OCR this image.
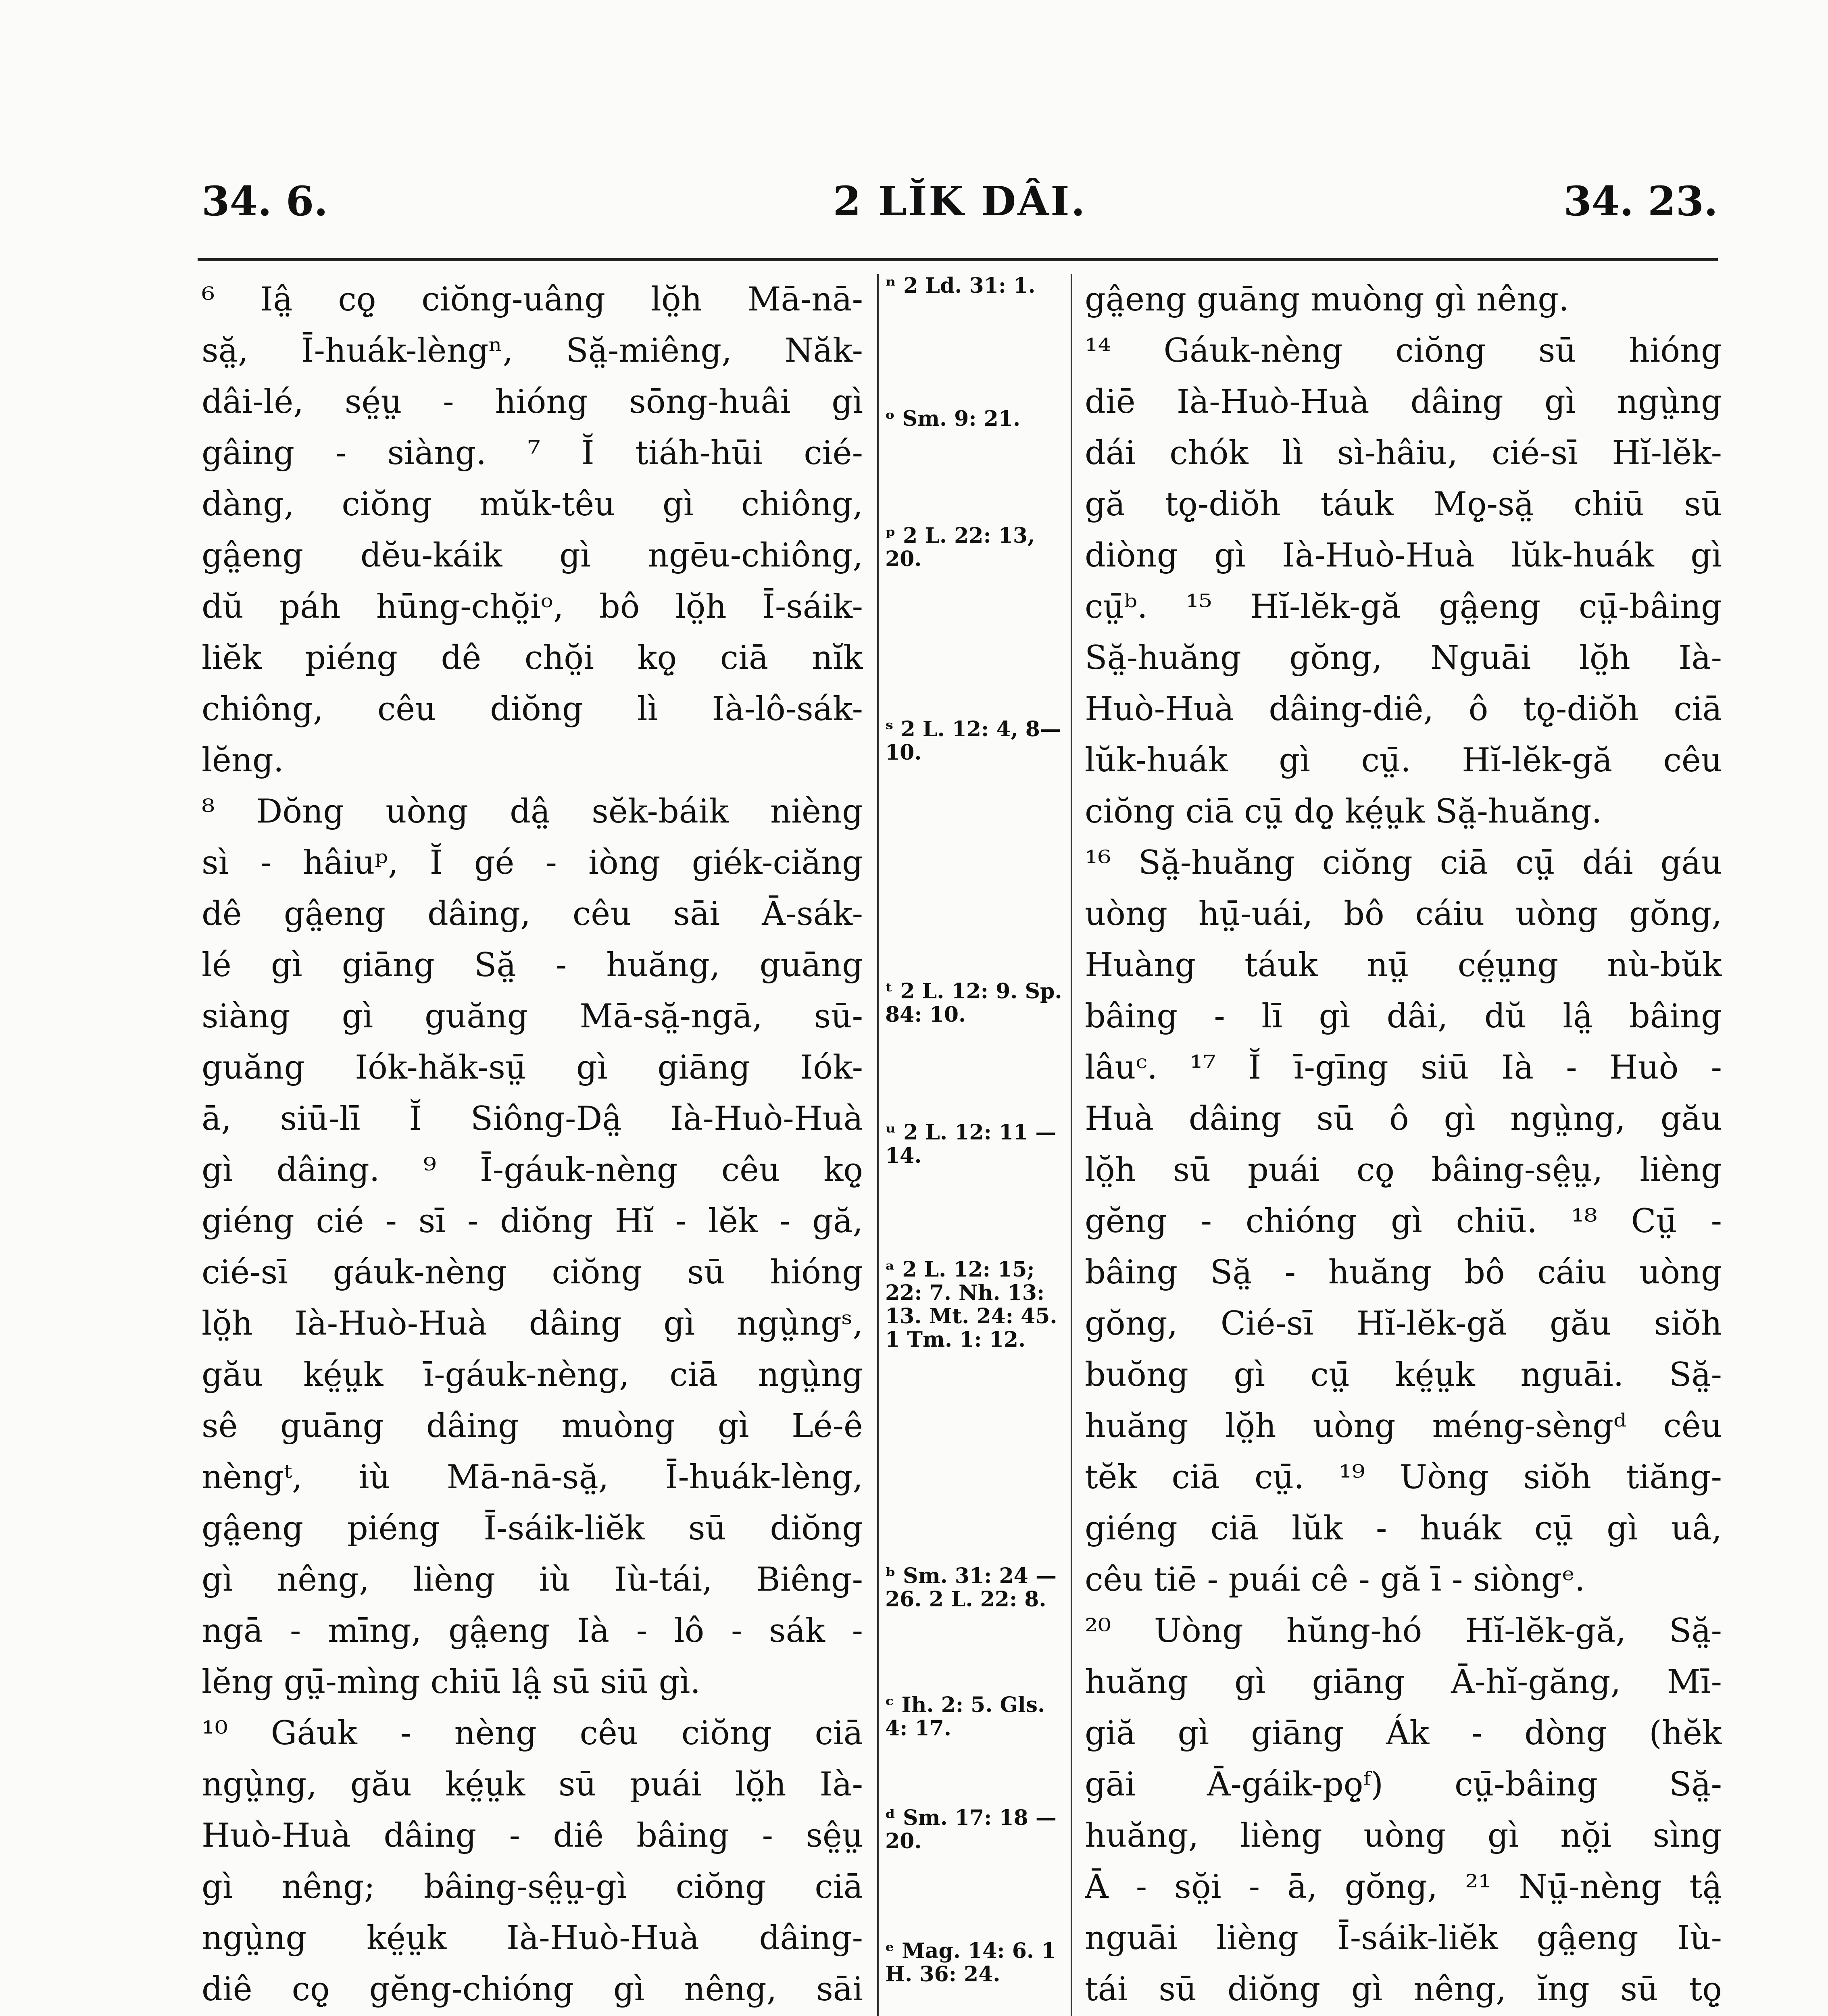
34. 6.	2 LĬK DÂI.	34. 23.
⁶ Iâ̤ cǫ̤ ciŏng-uâng lŏ̤h Mā-nā-
să̤, Ī-huák-lèngⁿ, Să̤-miêng, Năk-
dâi-lé, sé̤ṳ - hióng sōng-huâi gì
gâing - siàng. ⁷ Ĭ tiáh-hūi cié-
dàng, ciŏng mŭk-têu gì chiông,
gâ̤eng dĕu-káik gì ngēu-chiông,
dŭ páh hūng-chŏ̤iᵒ, bô lŏ̤h Ī-sáik-
liĕk piéng dê chŏ̤i kǫ̤ ciā nĭk
chiông, cêu diŏng lì Ià-lô-sák-
lĕng.
⁸ Dŏng uòng dâ̤ sĕk-báik nièng
sì - hâiuᵖ, Ĭ gé - iòng giék-ciăng
dê gâ̤eng dâing, cêu sāi Ā-sák-
lé gì giāng Să̤ - huăng, guāng
siàng gì guăng Mā-să̤-ngā, sū-
guăng Iók-hăk-sṳ̄ gì giāng Iók-
ā, siū-lī Ĭ Siông-Dâ̤ Ià-Huò-Huà
gì dâing. ⁹ Ī-gáuk-nèng cêu kǫ̤
giéng cié - sī - diŏng Hĭ - lĕk - gă,
cié-sī gáuk-nèng ciŏng sū hióng
lŏ̤h Ià-Huò-Huà dâing gì ngṳ̀ngˢ,
gău ké̤ṳk ī-gáuk-nèng, ciā ngṳ̀ng
sê guāng dâing muòng gì Lé-ê
nèngᵗ, iù Mā-nā-să̤, Ī-huák-lèng,
gâ̤eng piéng Ī-sáik-liĕk sū diŏng
gì nêng, lièng iù Iù-tái, Biêng-
ngā - mīng, gâ̤eng Ià - lô - sák -
lĕng gṳ̄-mìng chiū lâ̤ sū siū gì.
¹⁰ Gáuk - nèng cêu ciŏng ciā
ngṳ̀ng, gău ké̤ṳk sū puái lŏ̤h Ià-
Huò-Huà dâing - diê bâing - sê̤ṳ
gì nêng; bâing-sê̤ṳ-gì ciŏng ciā
ngṳ̀ng ké̤ṳk Ià-Huò-Huà dâing-
diê cǫ̤ gĕng-chióng gì nêng, sāi
ⁿ 2 Ld. 31: 1.
ᵒ Sm. 9: 21.
ᵖ 2 L. 22: 13, 20.
ˢ 2 L. 12: 4, 8—10.
ᵗ 2 L. 12: 9. Sp. 84: 10.
ᵘ 2 L. 12: 11 —14.
ᵃ 2 L. 12: 15; 22: 7. Nh. 13: 13. Mt. 24: 45. 1 Tm. 1: 12.
ᵇ Sm. 31: 24 —26. 2 L. 22: 8.
ᶜ Ih. 2: 5. Gls. 4: 17.
ᵈ Sm. 17: 18 —20.
ᵉ Mag. 14: 6. 1 H. 36: 24.
gâ̤eng guāng muòng gì nêng.
¹⁴ Gáuk-nèng ciŏng sū hióng
diē Ià-Huò-Huà dâing gì ngṳ̀ng
dái chók lì sì-hâiu, cié-sī Hĭ-lĕk-
gă tǫ̤-diŏh táuk Mǫ̤-să̤ chiū sū
diòng gì Ià-Huò-Huà lŭk-huák gì
cṳ̄ᵇ. ¹⁵ Hĭ-lĕk-gă gâ̤eng cṳ̄-bâing
Să̤-huăng gŏng, Nguāi lŏ̤h Ià-
Huò-Huà dâing-diê, ô tǫ̤-diŏh ciā
lŭk-huák gì cṳ̄. Hĭ-lĕk-gă cêu
ciŏng ciā cṳ̄ dǫ̤ ké̤ṳk Să̤-huăng.
¹⁶ Să̤-huăng ciŏng ciā cṳ̄ dái gáu
uòng hṳ̄-uái, bô cáiu uòng gŏng,
Huàng táuk nṳ̄ cé̤ṳng nù-bŭk
bâing - lī gì dâi, dŭ lâ̤ bâing
lâuᶜ. ¹⁷ Ĭ ī-gīng siū Ià - Huò -
Huà dâing sū ô gì ngṳ̀ng, gău
lŏ̤h sū puái cǫ̤ bâing-sê̤ṳ, lièng
gĕng - chióng gì chiū. ¹⁸ Cṳ̄ -
bâing Să̤ - huăng bô cáiu uòng
gŏng, Cié-sī Hĭ-lĕk-gă gău siŏh
buŏng gì cṳ̄ ké̤ṳk nguāi. Să̤-
huăng lŏ̤h uòng méng-sèngᵈ cêu
tĕk ciā cṳ̄. ¹⁹ Uòng siŏh tiăng-
giéng ciā lŭk - huák cṳ̄ gì uâ,
cêu tiē - puái cê - gă ī - siòngᵉ.
²⁰ Uòng hŭng-hó Hĭ-lĕk-gă, Să̤-
huăng gì giāng Ā-hĭ-găng, Mī-
giă gì giāng Ák - dòng (hĕk
gāi Ā-gáik-pǫ̤ᶠ) cṳ̄-bâing Să̤-
huăng, lièng uòng gì nŏ̤i sìng
Ā - sŏ̤i - ā, gŏng, ²¹ Nṳ̄-nèng tâ̤
nguāi lièng Ī-sáik-liĕk gâ̤eng Iù-
tái sū diŏng gì nêng, ĭng sū tǫ̤
